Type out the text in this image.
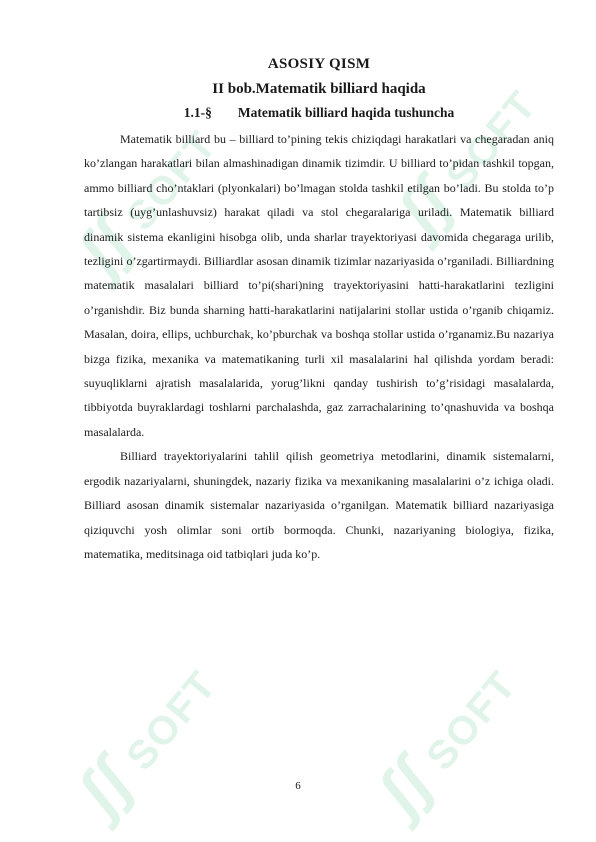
ʃʃ SOFT ʃʃ SOFT
ʃʃ SOFT
ʃʃ SOFT
ASOSIY QISM
II bob.Matematik billiard haqida
1.1-§ Matematik billiard haqida tushuncha

Matematik billiard bu – billiard to’pining tekis chiziqdagi harakatlari va chegaradan aniq ko’zlangan harakatlari bilan almashinadigan dinamik tizimdir. U billiard to’pidan tashkil topgan, ammo billiard cho’ntaklari (plyonkalari) bo’lmagan stolda tashkil etilgan bo’ladi. Bu stolda to’p tartibsiz (uyg’unlashuvsiz) harakat qiladi va stol chegaralariga uriladi. Matematik billiard dinamik sistema ekanligini hisobga olib, unda sharlar trayektoriyasi davomida chegaraga urilib, tezligini o’zgartirmaydi. Billiardlar asosan dinamik tizimlar nazariyasida o’rganiladi. Billiardning matematik masalalari billiard to’pi(shari)ning trayektoriyasini hatti-harakatlarini tezligini o’rganishdir. Biz bunda sharning hatti-harakatlarini natijalarini stollar ustida o’rganib chiqamiz. Masalan, doira, ellips, uchburchak, ko’pburchak va boshqa stollar ustida o’rganamiz.Bu nazariya bizga fizika, mexanika va matematikaning turli xil masalalarini hal qilishda yordam beradi: suyuqliklarni ajratish masalalarida, yorug’likni qanday tushirish to’g’risidagi masalalarda, tibbiyotda buyraklardagi toshlarni parchalashda, gaz zarrachalarining to’qnashuvida va boshqa masalalarda.

Billiard trayektoriyalarini tahlil qilish geometriya metodlarini, dinamik sistemalarni, ergodik nazariyalarni, shuningdek, nazariy fizika va mexanikaning masalalarini o’z ichiga oladi. Billiard asosan dinamik sistemalar nazariyasida o’rganilgan. Matematik billiard nazariyasiga qiziquvchi yosh olimlar soni ortib bormoqda. Chunki, nazariyaning biologiya, fizika, matematika, meditsinaga oid tatbiqlari juda ko’p.

6
